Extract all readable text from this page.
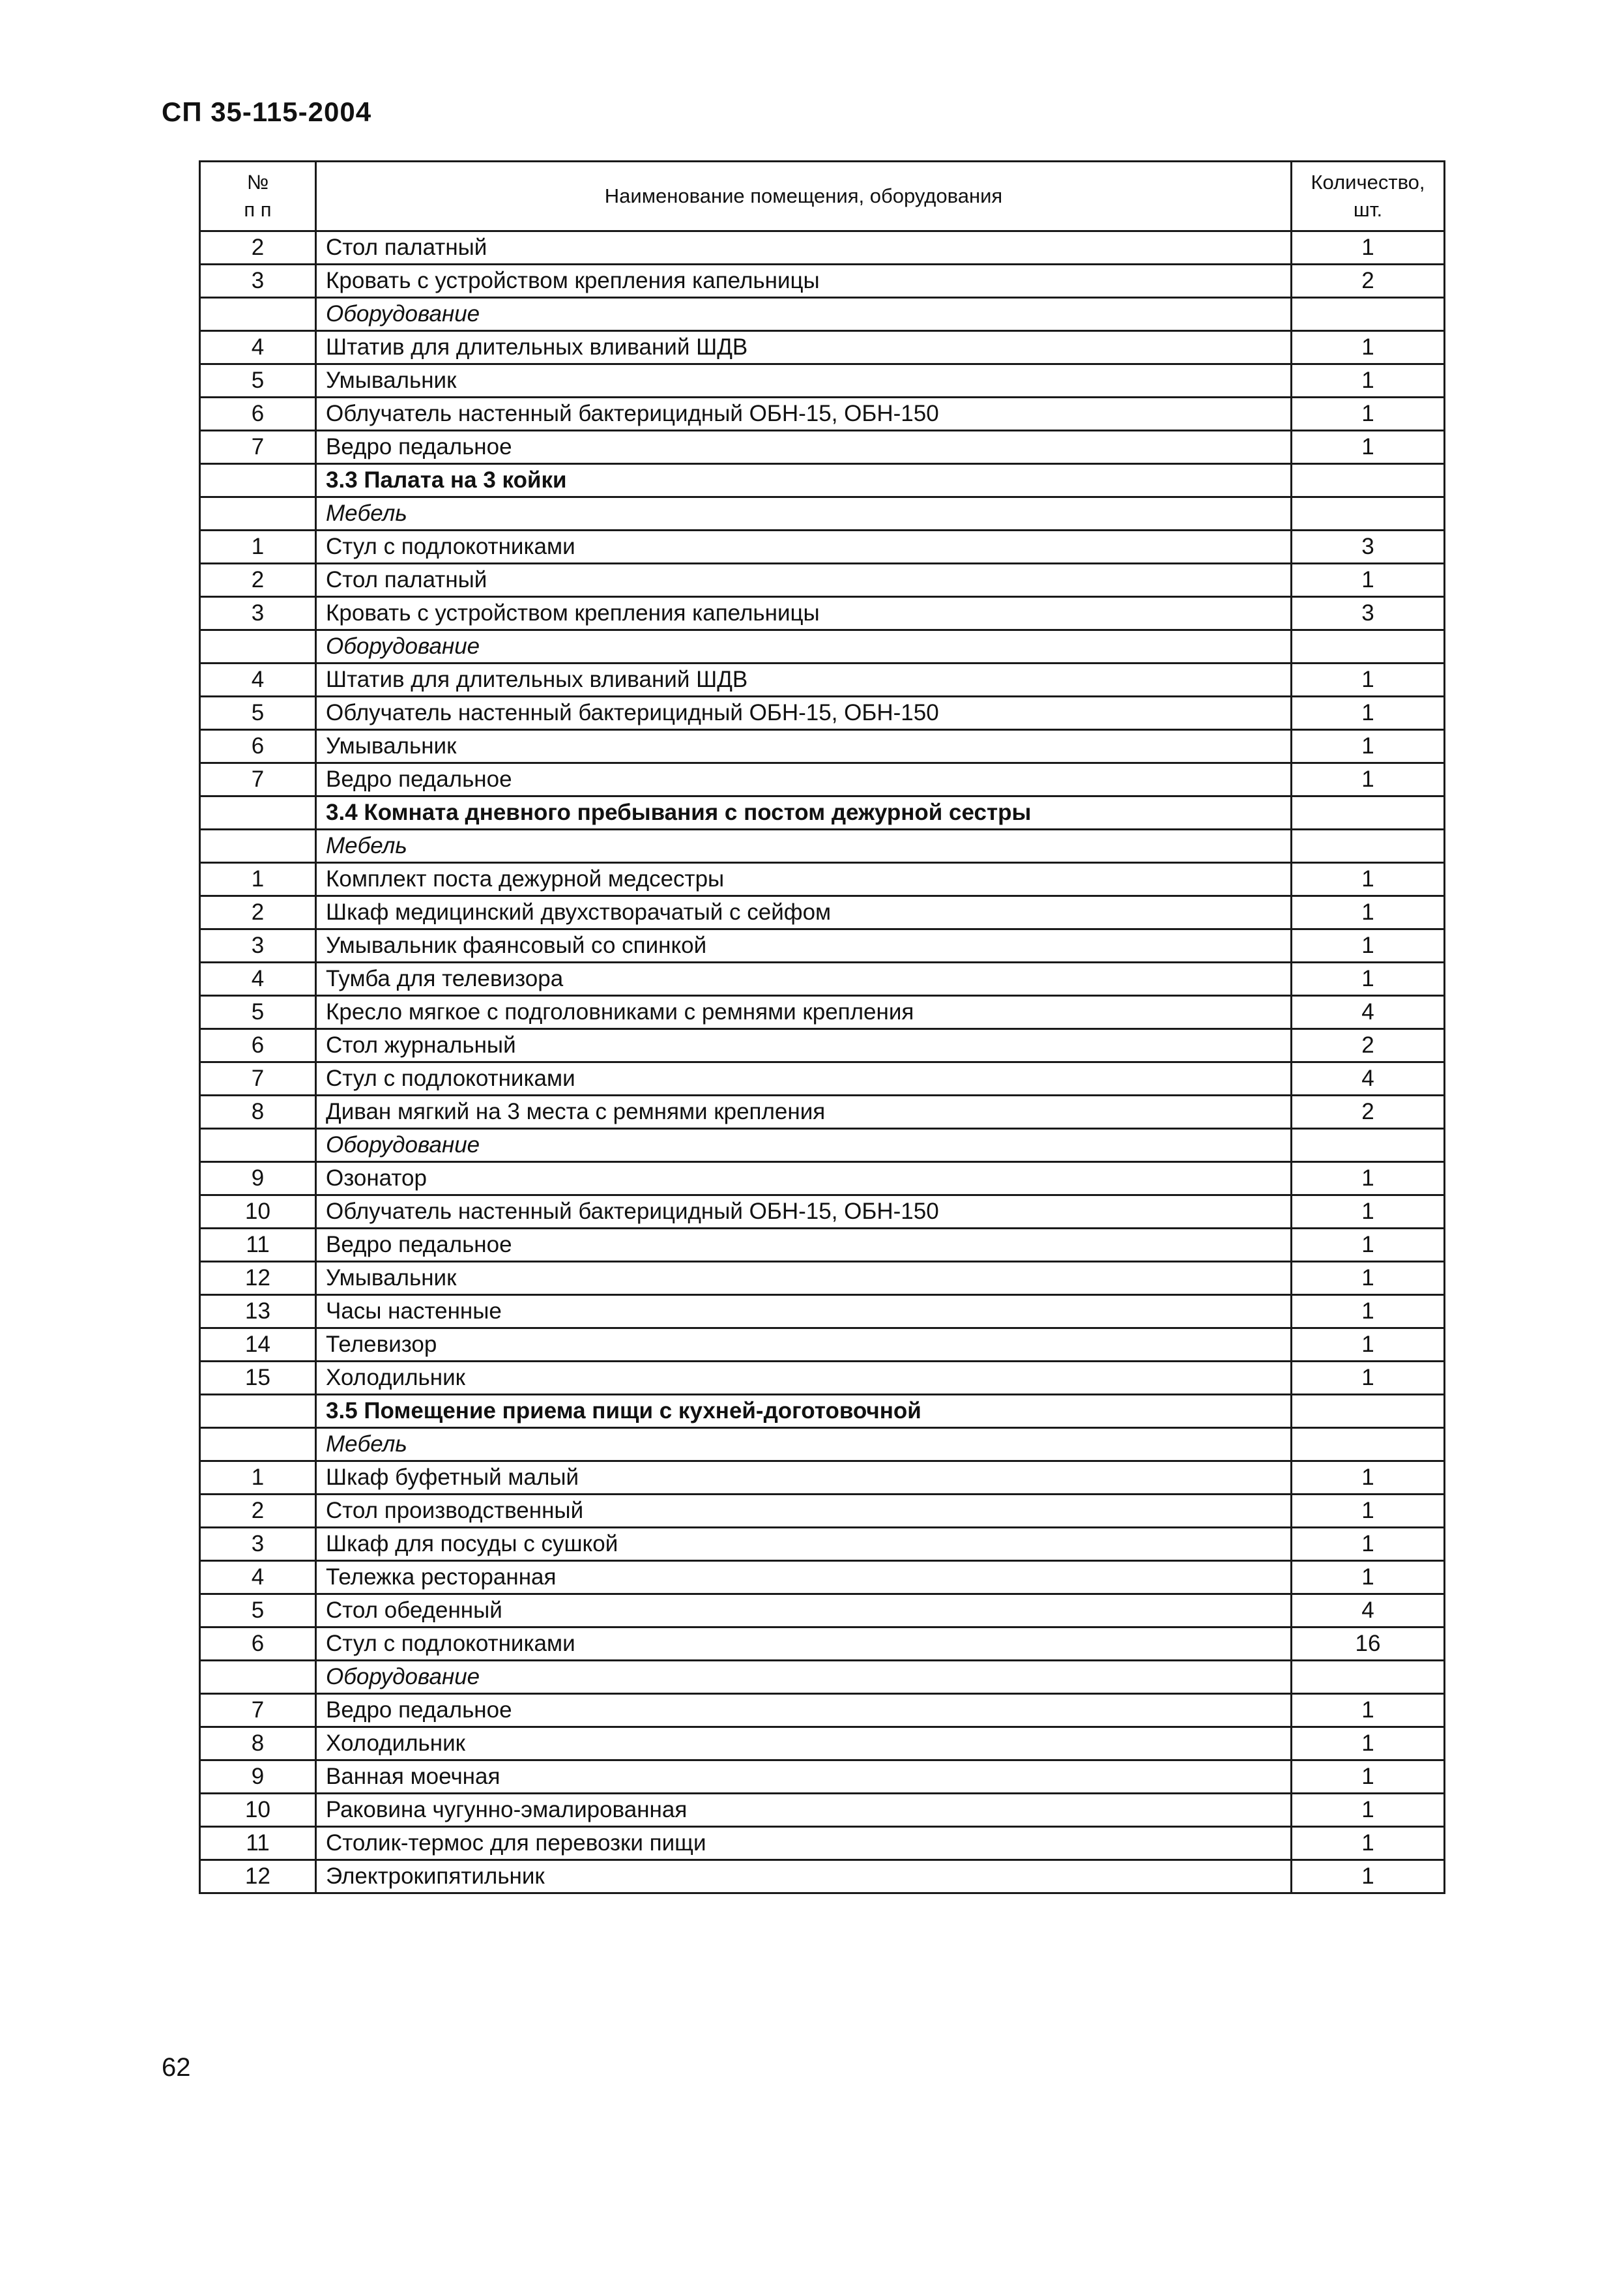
СП 35-115-2004
№
п п	Наименование помещения, оборудования	Количество,
шт.
2	Стол палатный	1
3	Кровать с устройством крепления капельницы	2
	Оборудование	
4	Штатив для длительных вливаний ШДВ	1
5	Умывальник	1
6	Облучатель настенный бактерицидный ОБН-15, ОБН-150	1
7	Ведро педальное	1
	3.3 Палата на 3 койки	
	Мебель	
1	Стул с подлокотниками	3
2	Стол палатный	1
3	Кровать с устройством крепления капельницы	3
	Оборудование	
4	Штатив для длительных вливаний ШДВ	1
5	Облучатель настенный бактерицидный ОБН-15, ОБН-150	1
6	Умывальник	1
7	Ведро педальное	1
	3.4 Комната дневного пребывания с постом дежурной сестры	
	Мебель	
1	Комплект поста дежурной медсестры	1
2	Шкаф медицинский двухстворачатый с сейфом	1
3	Умывальник фаянсовый со спинкой	1
4	Тумба для телевизора	1
5	Кресло мягкое с подголовниками с ремнями крепления	4
6	Стол журнальный	2
7	Стул с подлокотниками	4
8	Диван мягкий на 3 места с ремнями крепления	2
	Оборудование	
9	Озонатор	1
10	Облучатель настенный бактерицидный ОБН-15, ОБН-150	1
11	Ведро педальное	1
12	Умывальник	1
13	Часы настенные	1
14	Телевизор	1
15	Холодильник	1
	3.5 Помещение приема пищи с кухней-доготовочной	
	Мебель	
1	Шкаф буфетный малый	1
2	Стол производственный	1
3	Шкаф для посуды с сушкой	1
4	Тележка ресторанная	1
5	Стол обеденный	4
6	Стул с подлокотниками	16
	Оборудование	
7	Ведро педальное	1
8	Холодильник	1
9	Ванная моечная	1
10	Раковина чугунно-эмалированная	1
11	Столик-термос для перевозки пищи	1
12	Электрокипятильник	1
62
